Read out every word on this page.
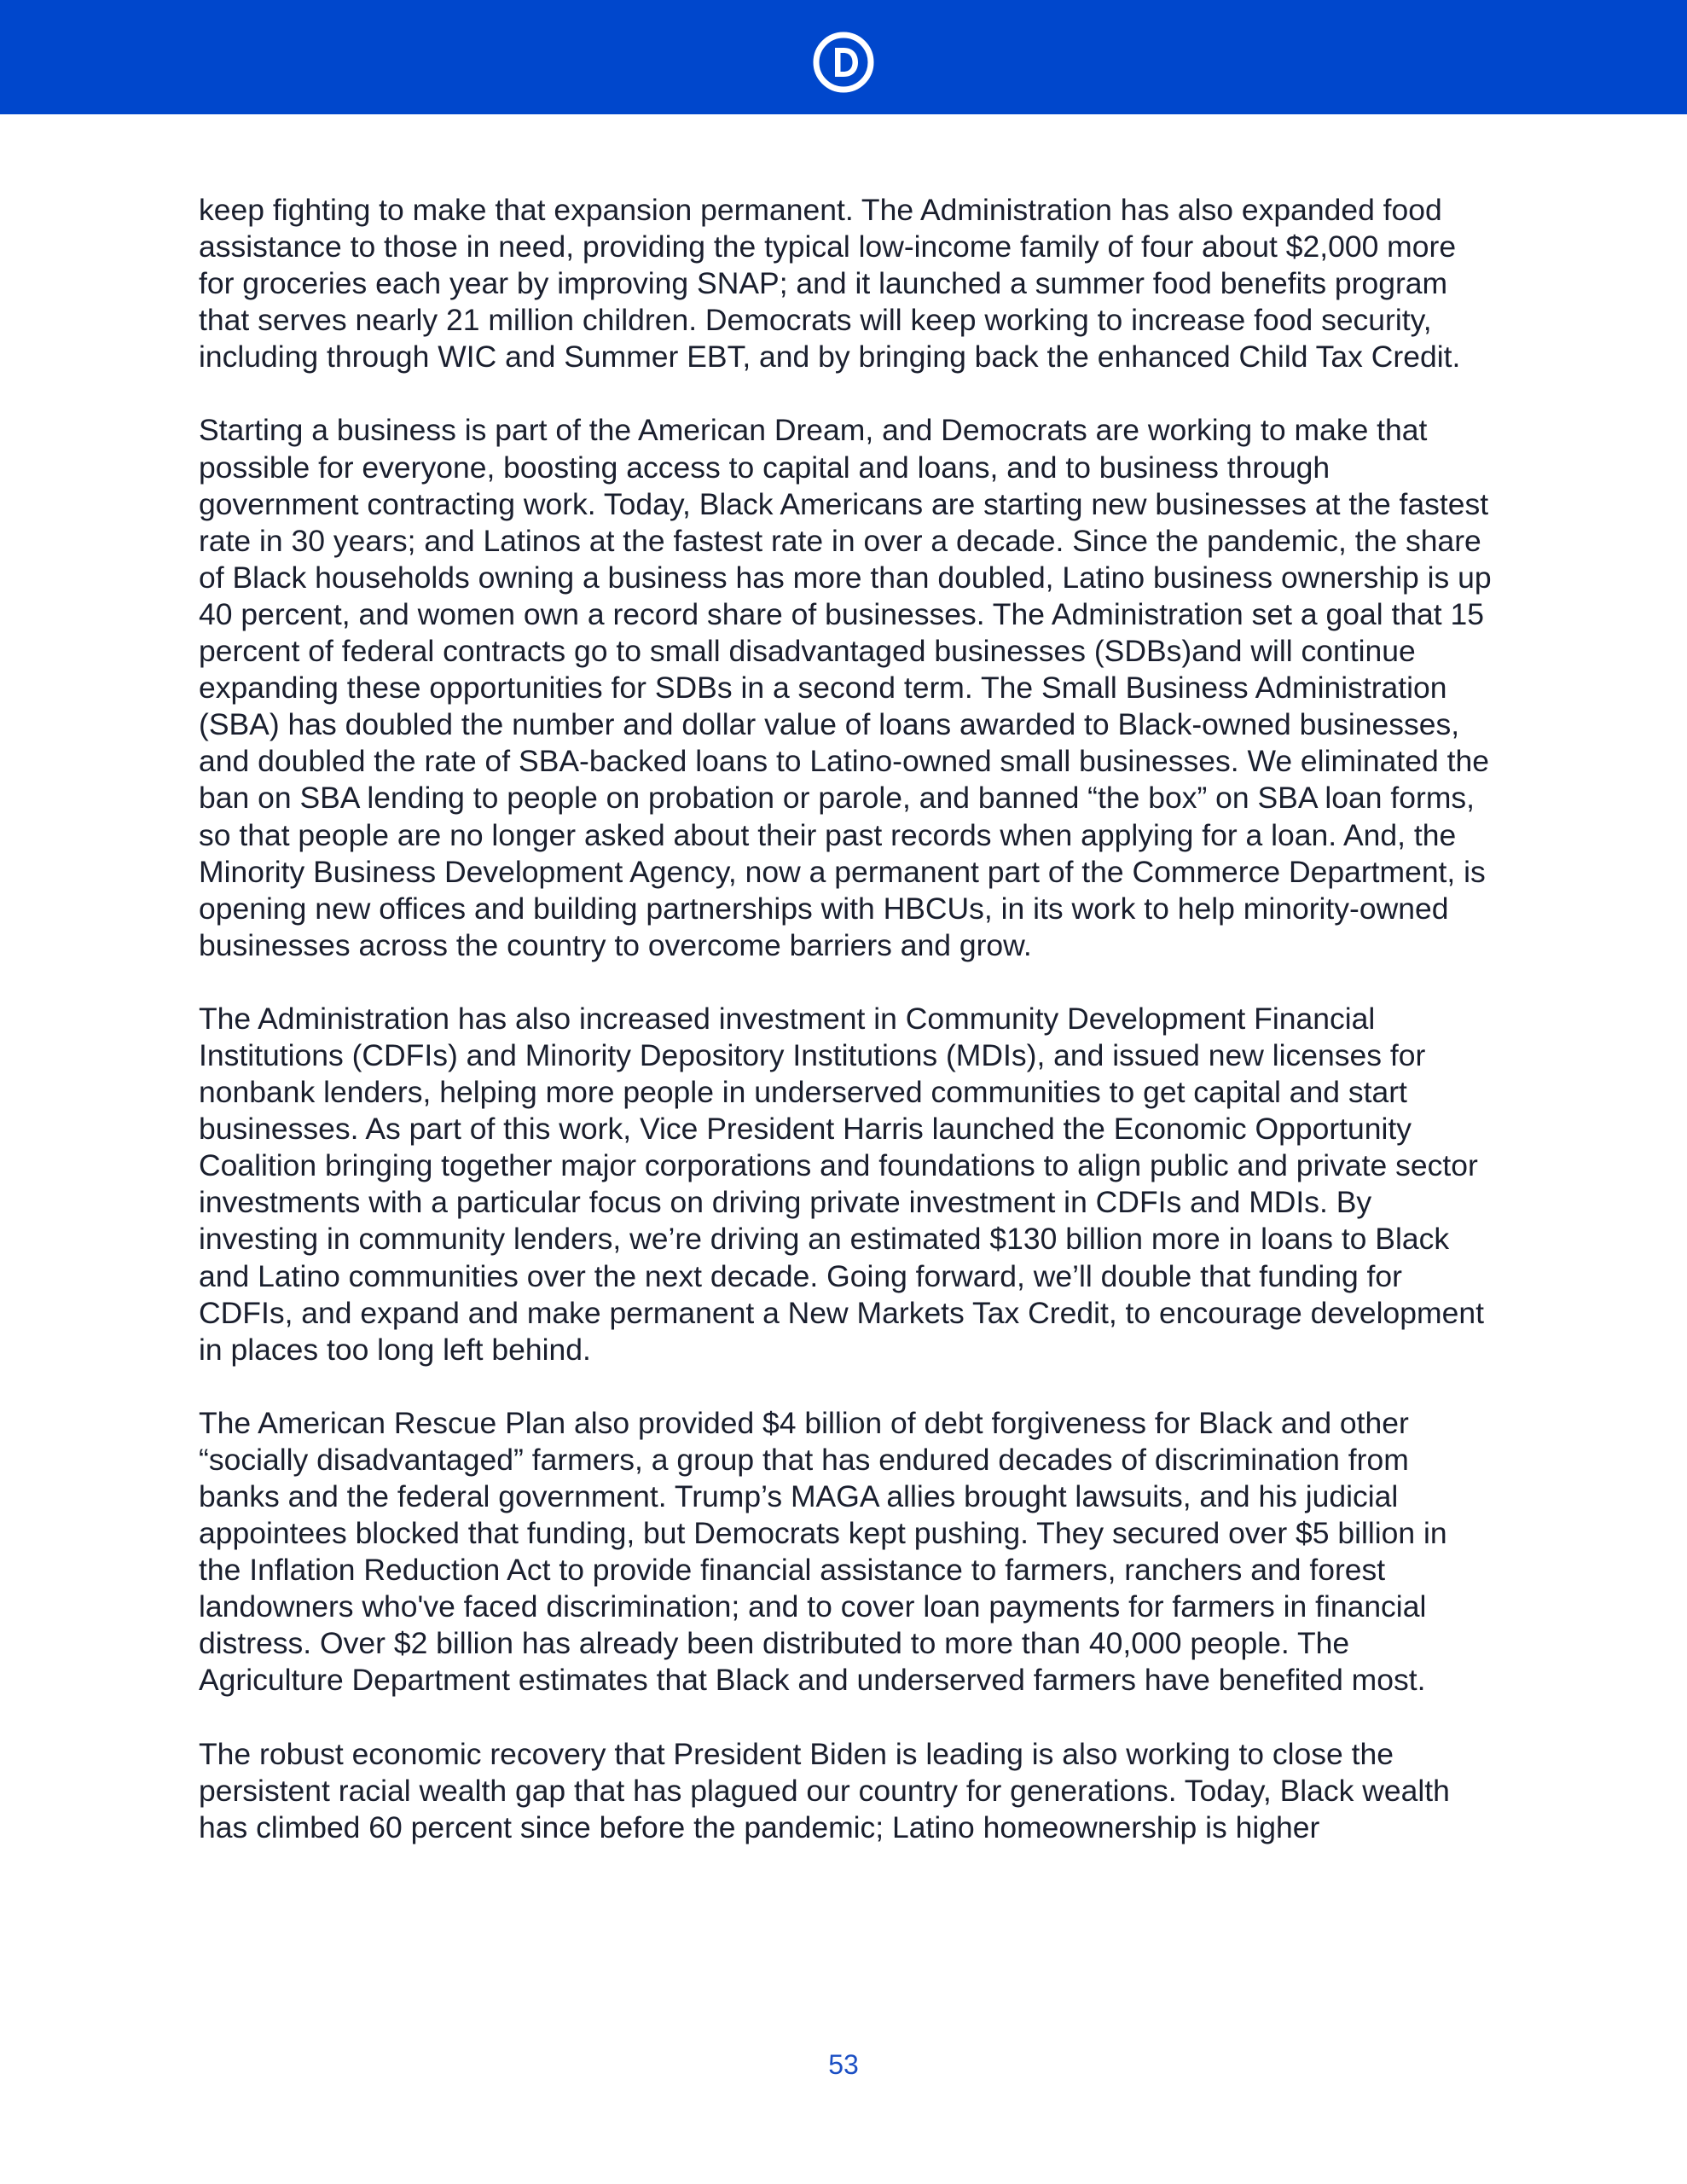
keep fighting to make that expansion permanent. The Administration has also expanded food assistance to those in need, providing the typical low-income family of four about $2,000 more for groceries each year by improving SNAP; and it launched a summer food benefits program that serves nearly 21 million children. Democrats will keep working to increase food security, including through WIC and Summer EBT, and by bringing back the enhanced Child Tax Credit.

Starting a business is part of the American Dream, and Democrats are working to make that possible for everyone, boosting access to capital and loans, and to business through government contracting work. Today, Black Americans are starting new businesses at the fastest rate in 30 years; and Latinos at the fastest rate in over a decade. Since the pandemic, the share of Black households owning a business has more than doubled, Latino business ownership is up 40 percent, and women own a record share of businesses. The Administration set a goal that 15 percent of federal contracts go to small disadvantaged businesses (SDBs)and will continue expanding these opportunities for SDBs in a second term. The Small Business Administration (SBA) has doubled the number and dollar value of loans awarded to Black-owned businesses, and doubled the rate of SBA-backed loans to Latino-owned small businesses. We eliminated the ban on SBA lending to people on probation or parole, and banned “the box” on SBA loan forms, so that people are no longer asked about their past records when applying for a loan. And, the Minority Business Development Agency, now a permanent part of the Commerce Department, is opening new offices and building partnerships with HBCUs, in its work to help minority-owned businesses across the country to overcome barriers and grow.

The Administration has also increased investment in Community Development Financial Institutions (CDFIs) and Minority Depository Institutions (MDIs), and issued new licenses for nonbank lenders, helping more people in underserved communities to get capital and start businesses. As part of this work, Vice President Harris launched the Economic Opportunity Coalition bringing together major corporations and foundations to align public and private sector investments with a particular focus on driving private investment in CDFIs and MDIs. By investing in community lenders, we’re driving an estimated $130 billion more in loans to Black and Latino communities over the next decade. Going forward, we’ll double that funding for CDFIs, and expand and make permanent a New Markets Tax Credit, to encourage development in places too long left behind.

The American Rescue Plan also provided $4 billion of debt forgiveness for Black and other “socially disadvantaged” farmers, a group that has endured decades of discrimination from banks and the federal government. Trump’s MAGA allies brought lawsuits, and his judicial appointees blocked that funding, but Democrats kept pushing. They secured over $5 billion in the Inflation Reduction Act to provide financial assistance to farmers, ranchers and forest landowners who've faced discrimination; and to cover loan payments for farmers in financial distress. Over $2 billion has already been distributed to more than 40,000 people. The Agriculture Department estimates that Black and underserved farmers have benefited most.

The robust economic recovery that President Biden is leading is also working to close the persistent racial wealth gap that has plagued our country for generations. Today, Black wealth has climbed 60 percent since before the pandemic; Latino homeownership is higher

53
